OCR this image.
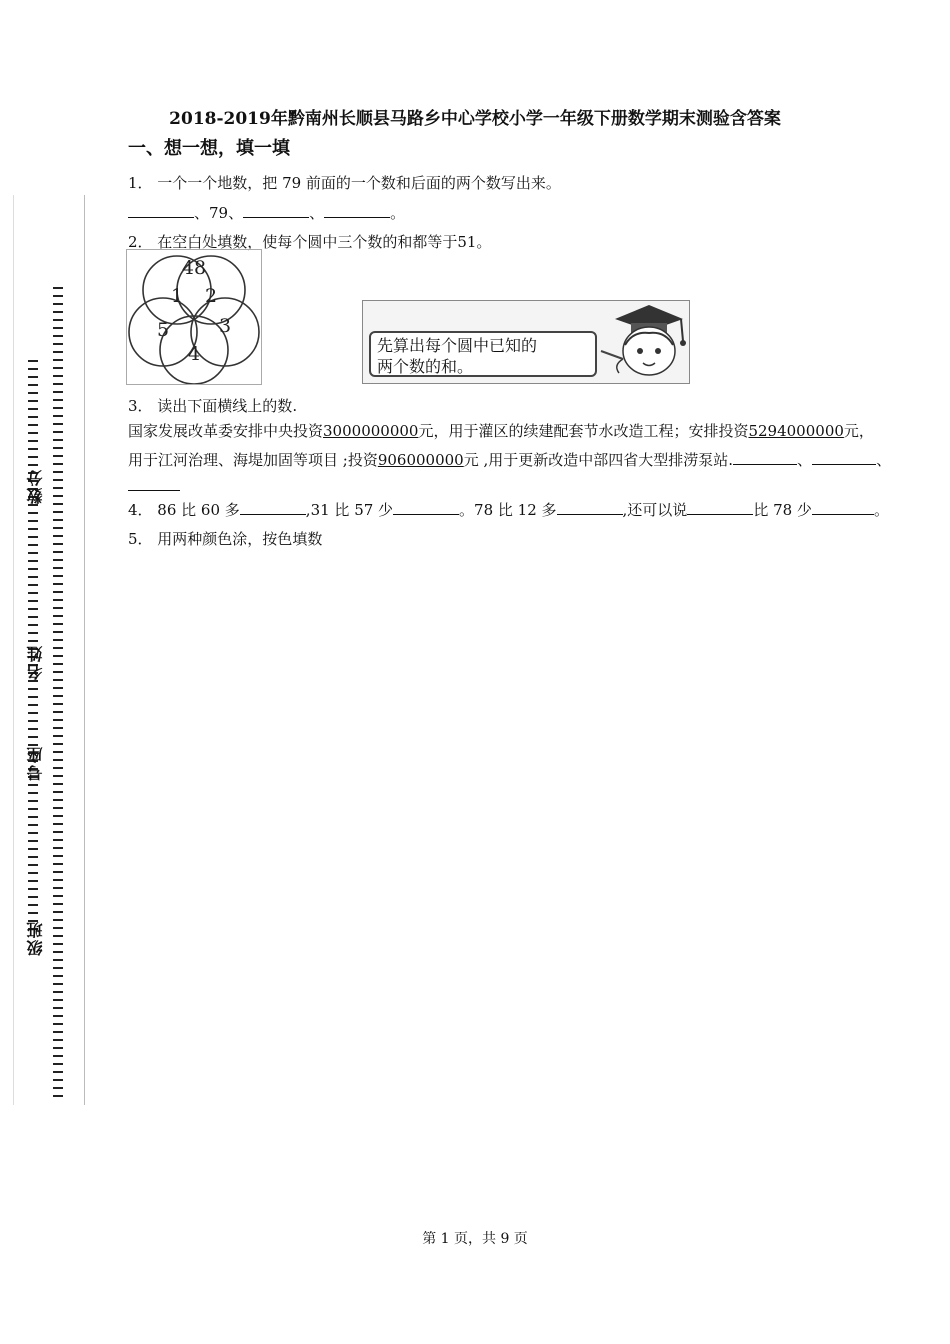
数分
名姓
号座
级班
2018-2019年黔南州长顺县马路乡中心学校小学一年级下册数学期末测验含答案
一、想一想，填一填
1． 一个一个地数，把 79 前面的一个数和后面的两个数写出来。
、79、	、	。
2． 在空白处填数，使每个圆中三个数的和都等于51。
48
1 2
5	3
4	先算出每个圆中已知的
两个数的和。
3． 读出下面横线上的数.
国家发展改革委安排中央投资3000000000元，用于灌区的续建配套节水改造工程；安排投资5294000000元，
用于江河治理、海堤加固等项目 ;投资906000000元 ,用于更新改造中部四省大型排涝泵站.	、	、
4． 86 比 60 多	,31 比 57 少	。78 比 12 多	,还可以说	比 78 少	。
5． 用两种颜色涂，按色填数
第 1 页，共 9 页
